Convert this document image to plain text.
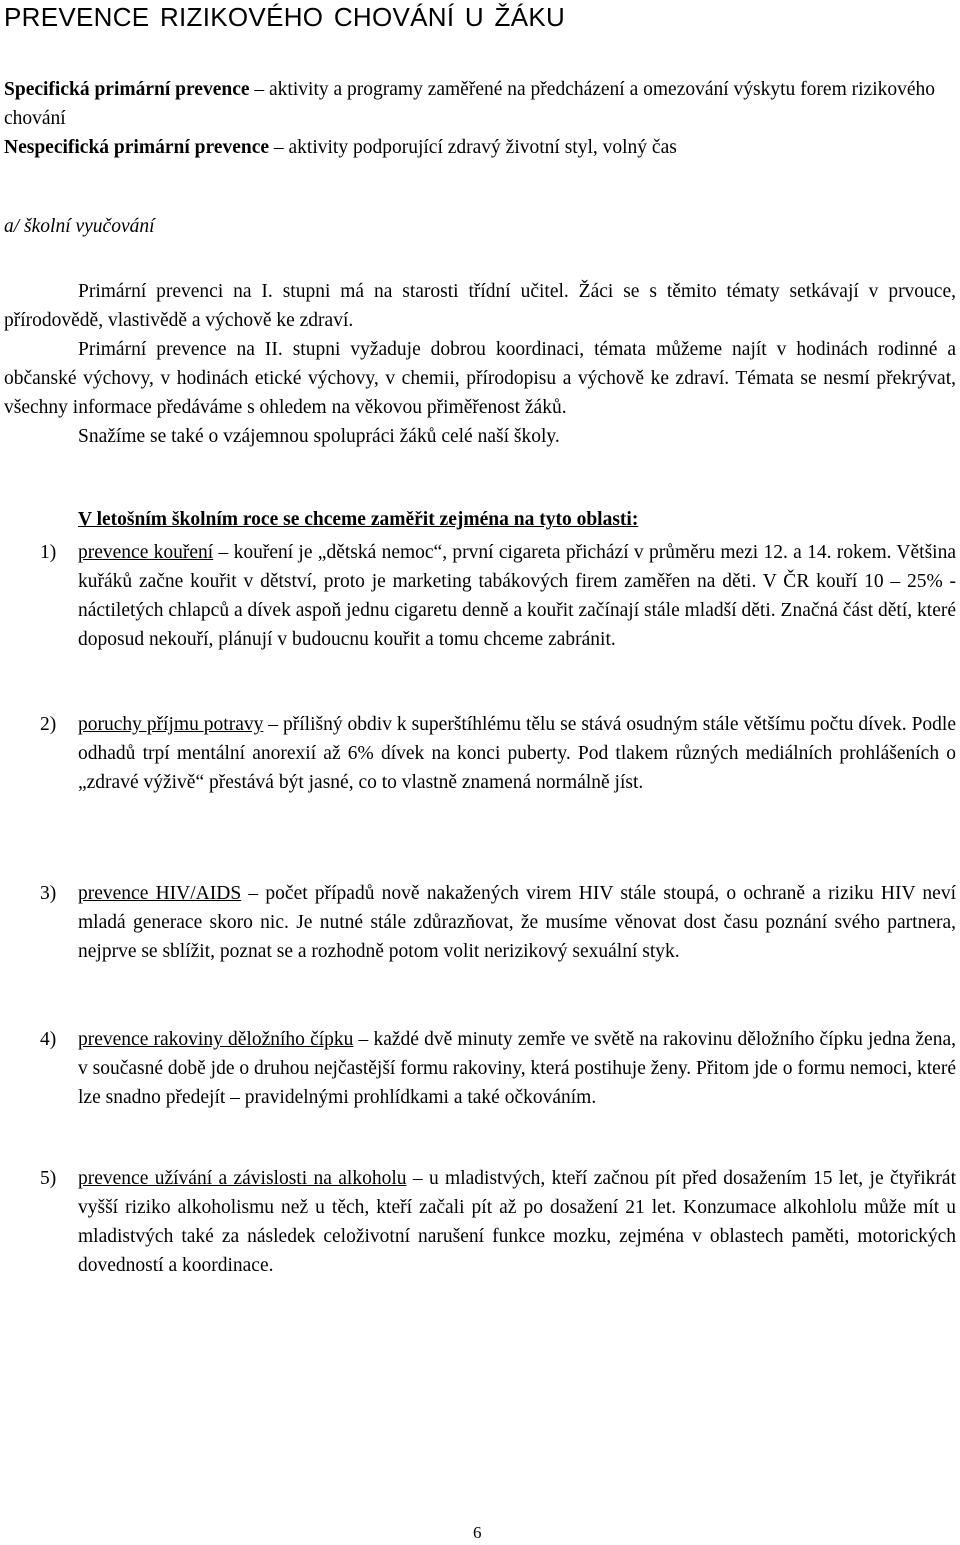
PREVENCE RIZIKOVÉHO CHOVÁNÍ U ŽÁKU

Specifická primární prevence – aktivity a programy zaměřené na předcházení a omezování výskytu forem rizikového chování

Nespecifická primární prevence – aktivity podporující zdravý životní styl, volný čas

a/ školní vyučování

Primární prevenci na I. stupni má na starosti třídní učitel. Žáci se s těmito tématy setkávají v prvouce, přírodovědě, vlastivědě a výchově ke zdraví.

Primární prevence na II. stupni vyžaduje dobrou koordinaci, témata můžeme najít v hodinách rodinné a občanské výchovy, v hodinách etické výchovy, v chemii, přírodopisu a výchově ke zdraví. Témata se nesmí překrývat, všechny informace předáváme s ohledem na věkovou přiměřenost žáků.

Snažíme se také o vzájemnou spolupráci žáků celé naší školy.

V letošním školním roce se chceme zaměřit zejména na tyto oblasti:
1) prevence kouření – kouření je „dětská nemoc“, první cigareta přichází v průměru mezi 12. a 14. rokem. Většina kuřáků začne kouřit v dětství, proto je marketing tabákových firem zaměřen na děti. V ČR kouří 10 – 25% -náctiletých chlapců a dívek aspoň jednu cigaretu denně a kouřit začínají stále mladší děti. Značná část dětí, které doposud nekouří, plánují v budoucnu kouřit a tomu chceme zabránit.
2) poruchy příjmu potravy – přílišný obdiv k superštíhlému tělu se stává osudným stále většímu počtu dívek. Podle odhadů trpí mentální anorexií až 6% dívek na konci puberty. Pod tlakem různých mediálních prohlášeních o „zdravé výživě“ přestává být jasné, co to vlastně znamená normálně jíst.
3) prevence HIV/AIDS – počet případů nově nakažených virem HIV stále stoupá, o ochraně a riziku HIV neví mladá generace skoro nic. Je nutné stále zdůrazňovat, že musíme věnovat dost času poznání svého partnera, nejprve se sblížit, poznat se a rozhodně potom volit nerizikový sexuální styk.
4) prevence rakoviny děložního čípku – každé dvě minuty zemře ve světě na rakovinu děložního čípku jedna žena, v současné době jde o druhou nejčastější formu rakoviny, která postihuje ženy. Přitom jde o formu nemoci, které lze snadno předejít – pravidelnými prohlídkami a také očkováním.
5) prevence užívání a závislosti na alkoholu – u mladistvých, kteří začnou pít před dosažením 15 let, je čtyřikrát vyšší riziko alkoholismu než u těch, kteří začali pít až po dosažení 21 let. Konzumace alkohlolu může mít u mladistvých také za následek celoživotní narušení funkce mozku, zejména v oblastech paměti, motorických dovedností a koordinace.
6
